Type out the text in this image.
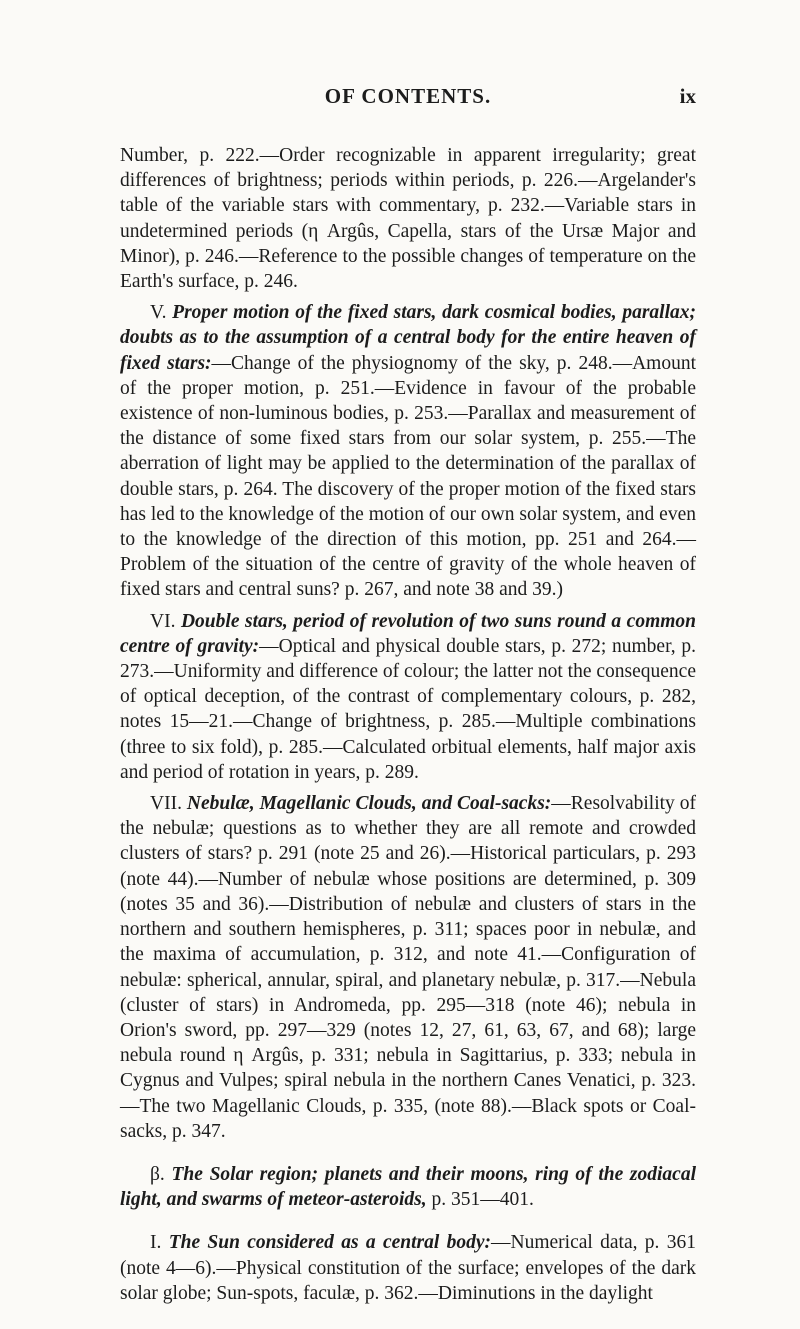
OF CONTENTS.	ix

Number, p. 222.—Order recognizable in apparent irregularity; great differences of brightness; periods within periods, p. 226.—Argelander's table of the variable stars with commentary, p. 232.—Variable stars in undetermined periods (η Argûs, Capella, stars of the Ursæ Major and Minor), p. 246.—Reference to the possible changes of temperature on the Earth's surface, p. 246.

V. Proper motion of the fixed stars, dark cosmical bodies, parallax; doubts as to the assumption of a central body for the entire heaven of fixed stars:—Change of the physiognomy of the sky, p. 248.—Amount of the proper motion, p. 251.—Evidence in favour of the probable existence of non-luminous bodies, p. 253.—Parallax and measurement of the distance of some fixed stars from our solar system, p. 255.—The aberration of light may be applied to the determination of the parallax of double stars, p. 264. The discovery of the proper motion of the fixed stars has led to the knowledge of the motion of our own solar system, and even to the knowledge of the direction of this motion, pp. 251 and 264.—Problem of the situation of the centre of gravity of the whole heaven of fixed stars and central suns? p. 267, and note 38 and 39.)

VI. Double stars, period of revolution of two suns round a common centre of gravity:—Optical and physical double stars, p. 272; number, p. 273.—Uniformity and difference of colour; the latter not the consequence of optical deception, of the contrast of complementary colours, p. 282, notes 15—21.—Change of brightness, p. 285.—Multiple combinations (three to six fold), p. 285.—Calculated orbitual elements, half major axis and period of rotation in years, p. 289.

VII. Nebulæ, Magellanic Clouds, and Coal-sacks:—Resolvability of the nebulæ; questions as to whether they are all remote and crowded clusters of stars? p. 291 (note 25 and 26).—Historical particulars, p. 293 (note 44).—Number of nebulæ whose positions are determined, p. 309 (notes 35 and 36).—Distribution of nebulæ and clusters of stars in the northern and southern hemispheres, p. 311; spaces poor in nebulæ, and the maxima of accumulation, p. 312, and note 41.—Configuration of nebulæ: spherical, annular, spiral, and planetary nebulæ, p. 317.—Nebula (cluster of stars) in Andromeda, pp. 295—318 (note 46); nebula in Orion's sword, pp. 297—329 (notes 12, 27, 61, 63, 67, and 68); large nebula round η Argûs, p. 331; nebula in Sagittarius, p. 333; nebula in Cygnus and Vulpes; spiral nebula in the northern Canes Venatici, p. 323.—The two Magellanic Clouds, p. 335, (note 88).—Black spots or Coal-sacks, p. 347.

β. The Solar region; planets and their moons, ring of the zodiacal light, and swarms of meteor-asteroids, p. 351—401.

I. The Sun considered as a central body:—Numerical data, p. 361 (note 4—6).—Physical constitution of the surface; envelopes of the dark solar globe; Sun-spots, faculæ, p. 362.—Diminutions in the daylight
